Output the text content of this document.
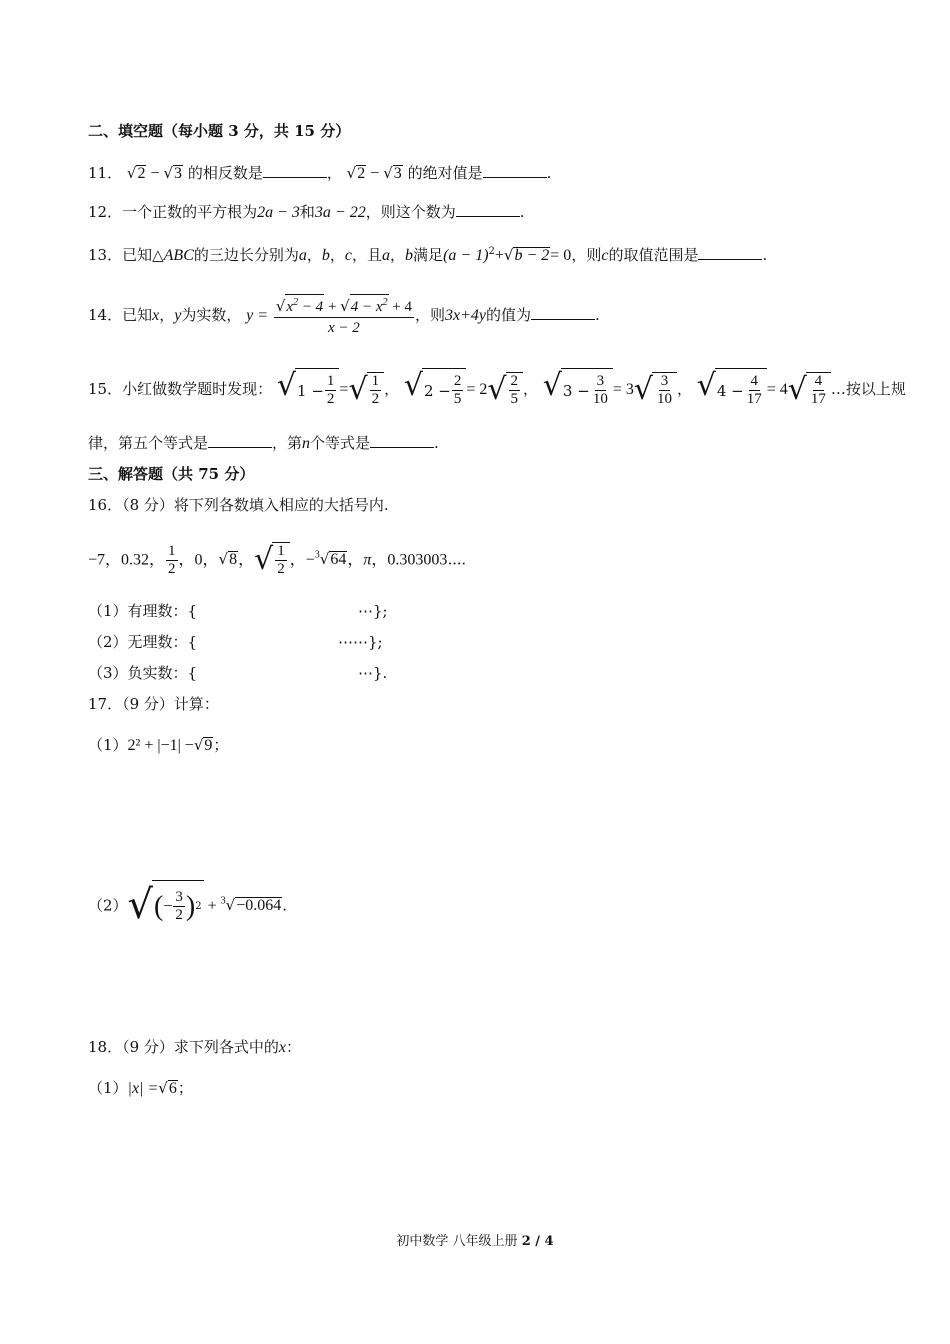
二、填空题（每小题 3 分，共 15 分）
11． √2 − √3 的相反数是	， √2 − √3 的绝对值是	.
12．一个正数的平方根为2a − 3和3a − 22，则这个数为	.
13．已知△ABC的三边长分别为a，b，c，且a，b满足$(a - 1)^2+√b - 2= 0$，则c的取值范围是	.
14．已知x，y为实数， $y = \frac{√x^2 - 4 + √4 - x^2 + 4}{x - 2}$ ，则3x+4y的值为	.
15．小红做数学题时发现： √ $1 - \frac{1}{2}$ = √ $\frac{1}{2}$ ， √ $2 - \frac{2}{5} = 2$ √ $\frac{2}{5}$ ， √ $3 - \frac{3}{10} = 3$ √ $\frac{3}{10}$ ， √ $4 - \frac{4}{17} = 4$ √ $\frac{4}{17}$ …按以上规
律，第五个等式是	，第n个等式是	.
三、解答题（共 75 分）
16．（8 分）将下列各数填入相应的大括号内.
−7，0.32， $\frac{1}{2}$ ，0，√8， √ $\frac{1}{2}$ ，−$^3$√64，π，0.303003⋯.
（1）有理数：{	⋯};
（2）无理数：{	⋯⋯};
（3）负实数：{	⋯}.
17．（9 分）计算：
（1）2² + |−1| −√9；
（2） √ ( − $\frac{3}{2}$ ) 2 + $^3$√−0.064.
18．（9 分）求下列各式中的x：
（1）|x| =√6；
初中数学 八年级上册 2 / 4
